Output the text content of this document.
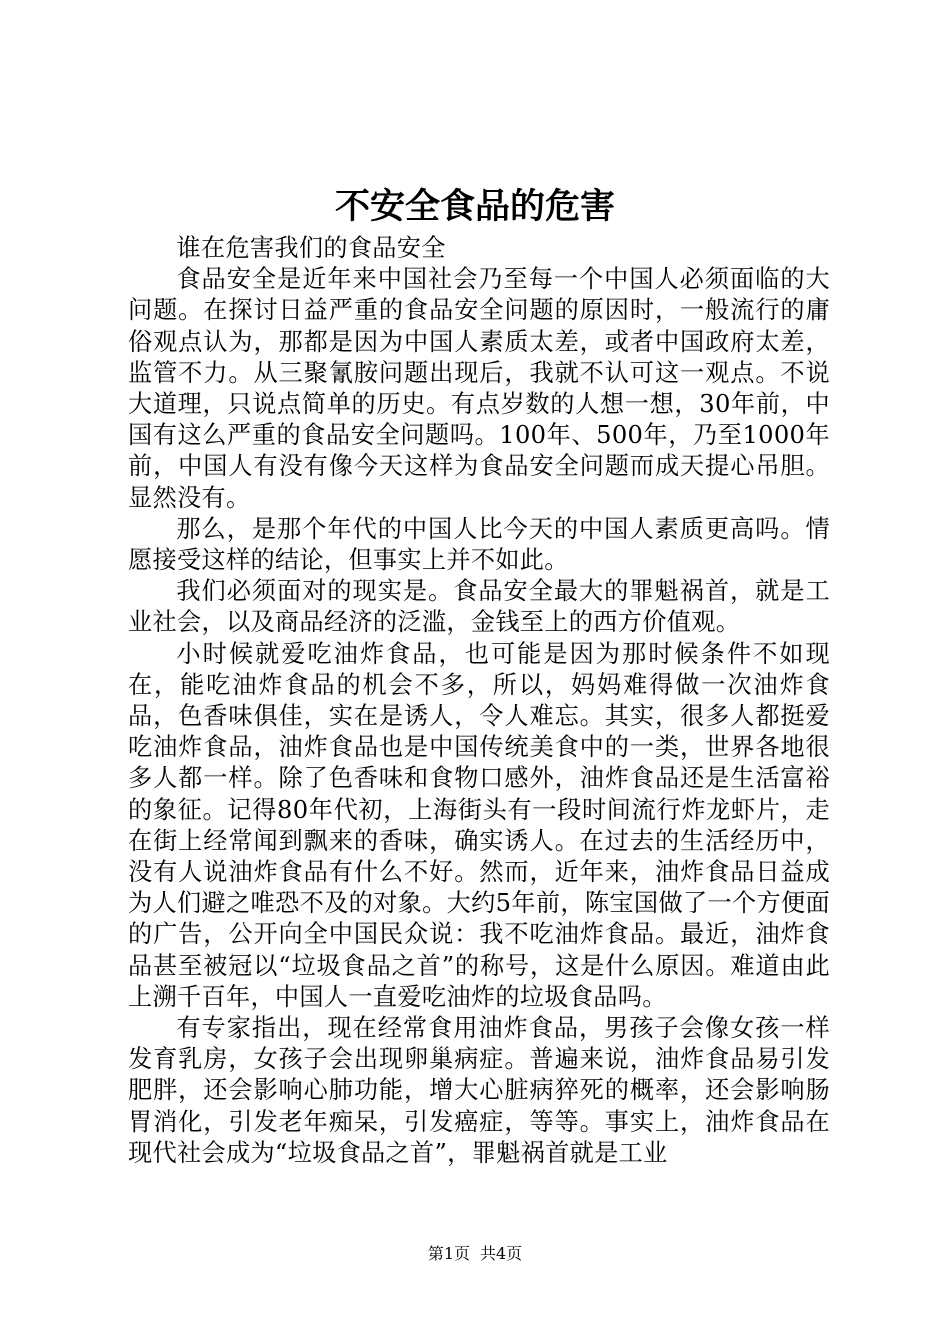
不安全食品的危害

谁在危害我们的食品安全

食品安全是近年来中国社会乃至每一个中国人必须面临的大问题。在探讨日益严重的食品安全问题的原因时，一般流行的庸俗观点认为，那都是因为中国人素质太差，或者中国政府太差，监管不力。从三聚氰胺问题出现后，我就不认可这一观点。不说大道理，只说点简单的历史。有点岁数的人想一想，30年前，中国有这么严重的食品安全问题吗。100年、500年，乃至1000年前，中国人有没有像今天这样为食品安全问题而成天提心吊胆。显然没有。

那么，是那个年代的中国人比今天的中国人素质更高吗。情愿接受这样的结论，但事实上并不如此。

我们必须面对的现实是。食品安全最大的罪魁祸首，就是工业社会，以及商品经济的泛滥，金钱至上的西方价值观。

小时候就爱吃油炸食品，也可能是因为那时候条件不如现在，能吃油炸食品的机会不多，所以，妈妈难得做一次油炸食品，色香味俱佳，实在是诱人，令人难忘。其实，很多人都挺爱吃油炸食品，油炸食品也是中国传统美食中的一类，世界各地很多人都一样。除了色香味和食物口感外，油炸食品还是生活富裕的象征。记得80年代初，上海街头有一段时间流行炸龙虾片，走在街上经常闻到飘来的香味，确实诱人。在过去的生活经历中，没有人说油炸食品有什么不好。然而，近年来，油炸食品日益成为人们避之唯恐不及的对象。大约5年前，陈宝国做了一个方便面的广告，公开向全中国民众说：我不吃油炸食品。最近，油炸食品甚至被冠以“垃圾食品之首”的称号，这是什么原因。难道由此上溯千百年，中国人一直爱吃油炸的垃圾食品吗。

有专家指出，现在经常食用油炸食品，男孩子会像女孩一样发育乳房，女孩子会出现卵巢病症。普遍来说，油炸食品易引发肥胖，还会影响心肺功能，增大心脏病猝死的概率，还会影响肠胃消化，引发老年痴呆，引发癌症，等等。事实上，油炸食品在现代社会成为“垃圾食品之首”，罪魁祸首就是工业

第1页 共4页
